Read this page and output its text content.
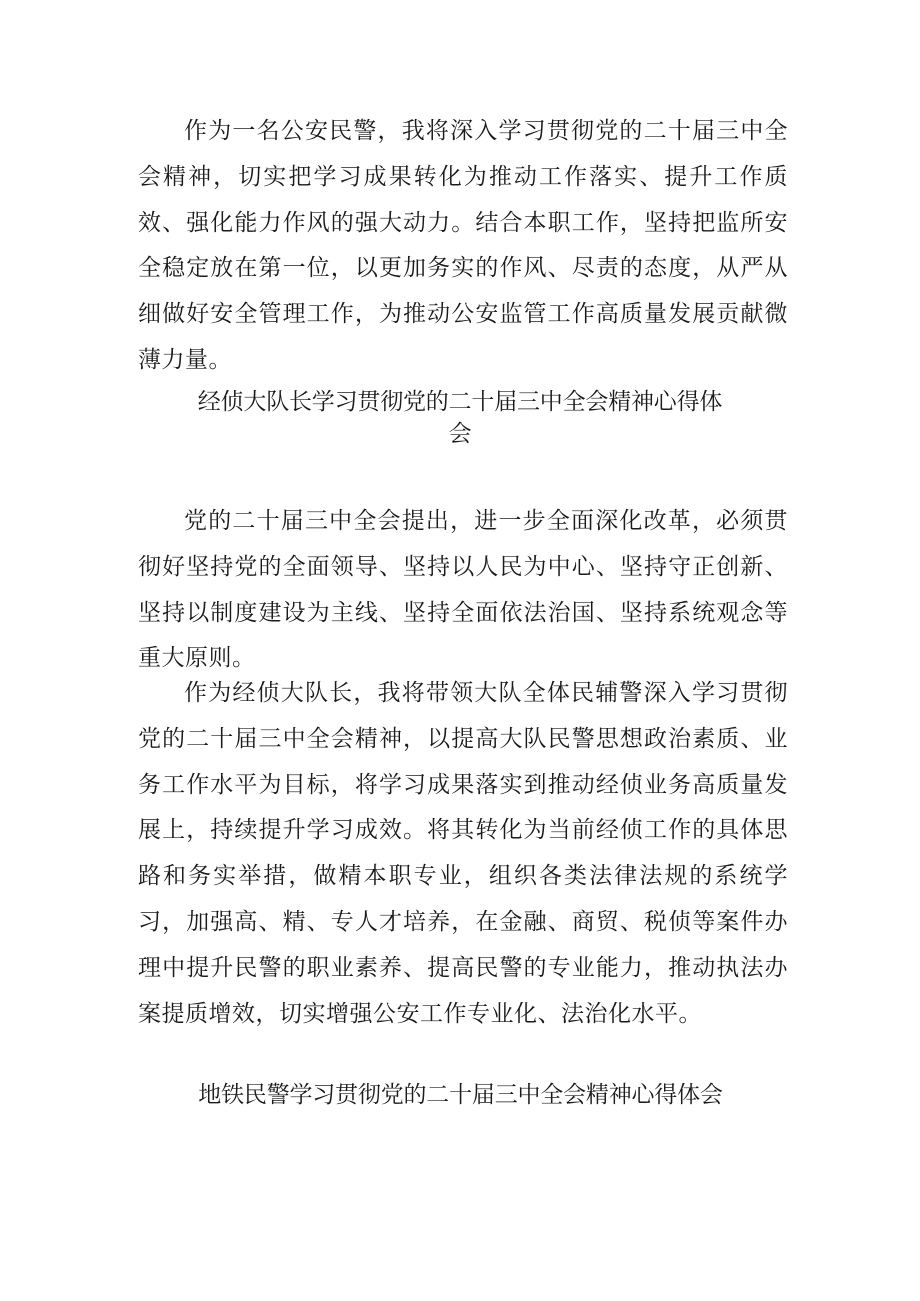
作为一名公安民警，我将深入学习贯彻党的二十届三中全会精神，切实把学习成果转化为推动工作落实、提升工作质效、强化能力作风的强大动力。结合本职工作，坚持把监所安全稳定放在第一位，以更加务实的作风、尽责的态度，从严从细做好安全管理工作，为推动公安监管工作高质量发展贡献微薄力量。

经侦大队长学习贯彻党的二十届三中全会精神心得体会

党的二十届三中全会提出，进一步全面深化改革，必须贯彻好坚持党的全面领导、坚持以人民为中心、坚持守正创新、坚持以制度建设为主线、坚持全面依法治国、坚持系统观念等重大原则。

作为经侦大队长，我将带领大队全体民辅警深入学习贯彻党的二十届三中全会精神，以提高大队民警思想政治素质、业务工作水平为目标，将学习成果落实到推动经侦业务高质量发展上，持续提升学习成效。将其转化为当前经侦工作的具体思路和务实举措，做精本职专业，组织各类法律法规的系统学习，加强高、精、专人才培养，在金融、商贸、税侦等案件办理中提升民警的职业素养、提高民警的专业能力，推动执法办案提质增效，切实增强公安工作专业化、法治化水平。

地铁民警学习贯彻党的二十届三中全会精神心得体会
